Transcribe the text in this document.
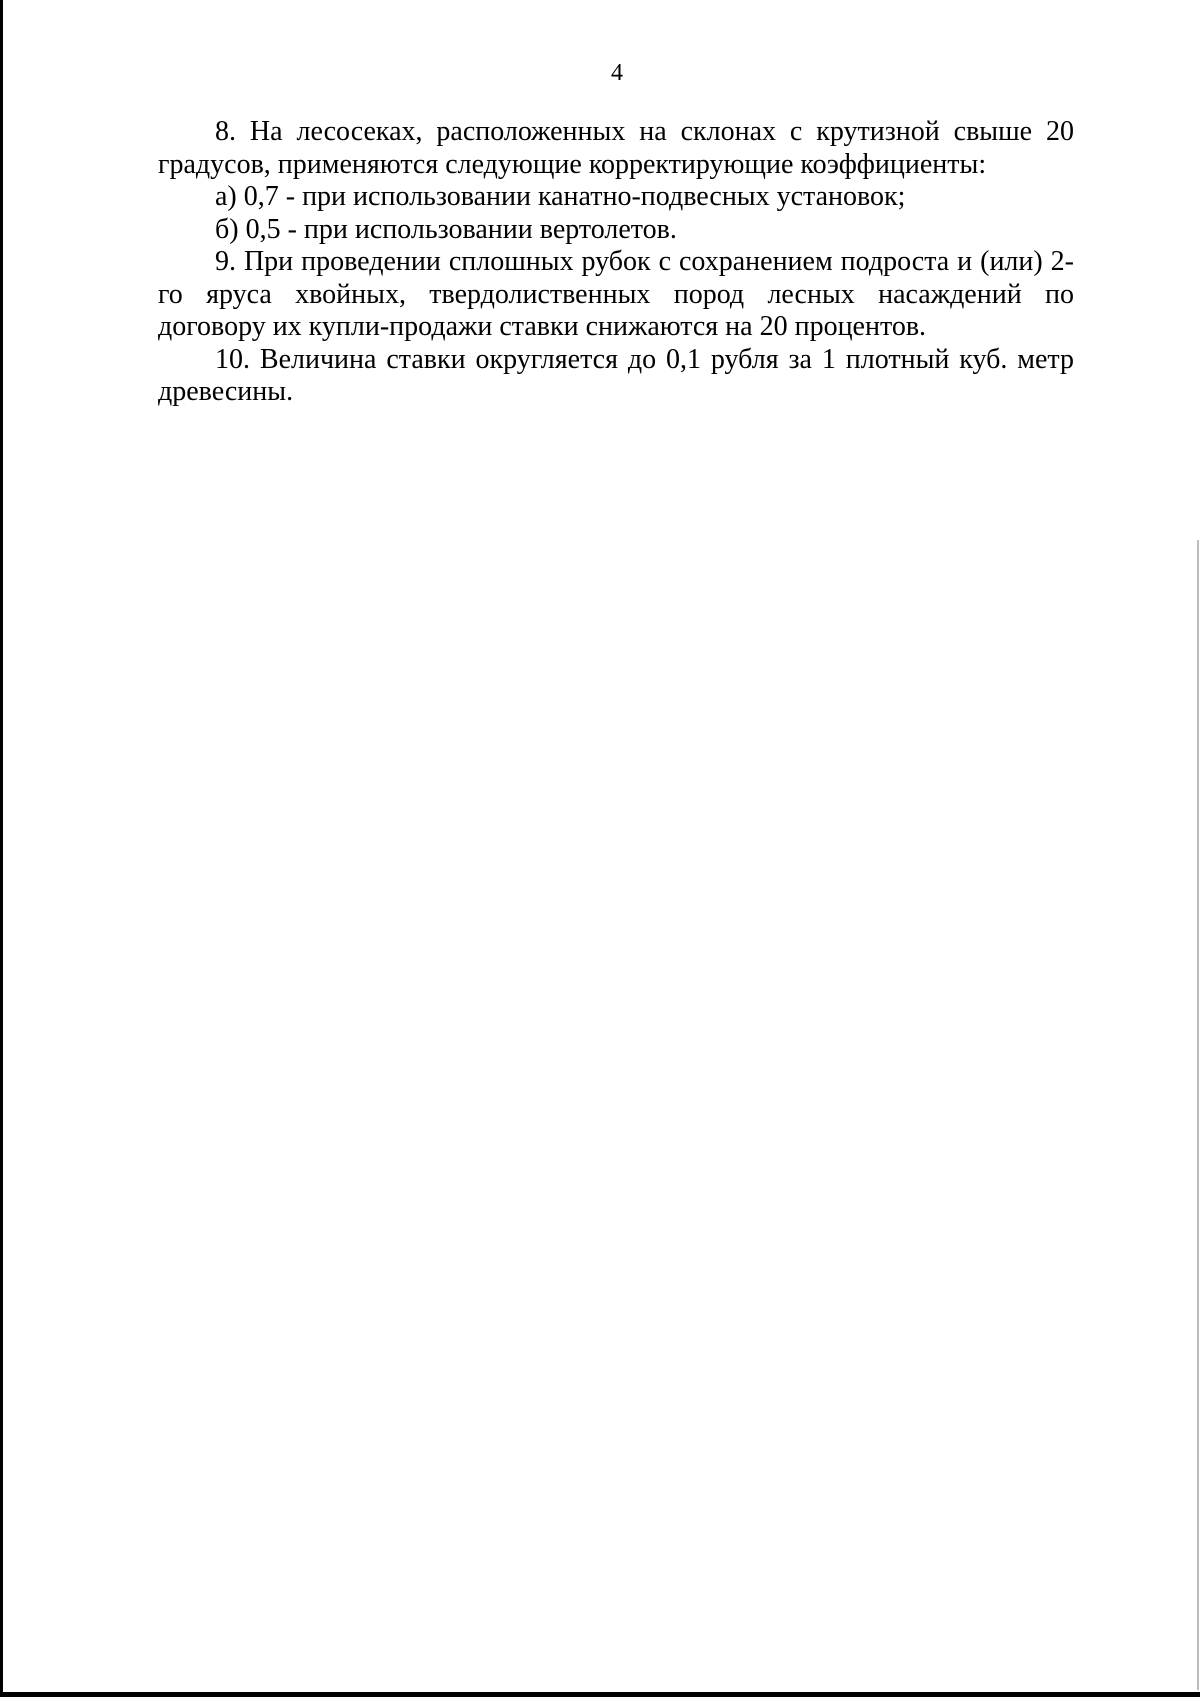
4

8. На лесосеках, расположенных на склонах с крутизной свыше 20 градусов, применяются следующие корректирующие коэффициенты:

а) 0,7 - при использовании канатно-подвесных установок;

б) 0,5 - при использовании вертолетов.

9. При проведении сплошных рубок с сохранением подроста и (или) 2-го яруса хвойных, твердолиственных пород лесных насаждений по договору их купли-продажи ставки снижаются на 20 процентов.

10. Величина ставки округляется до 0,1 рубля за 1 плотный куб. метр древесины.
